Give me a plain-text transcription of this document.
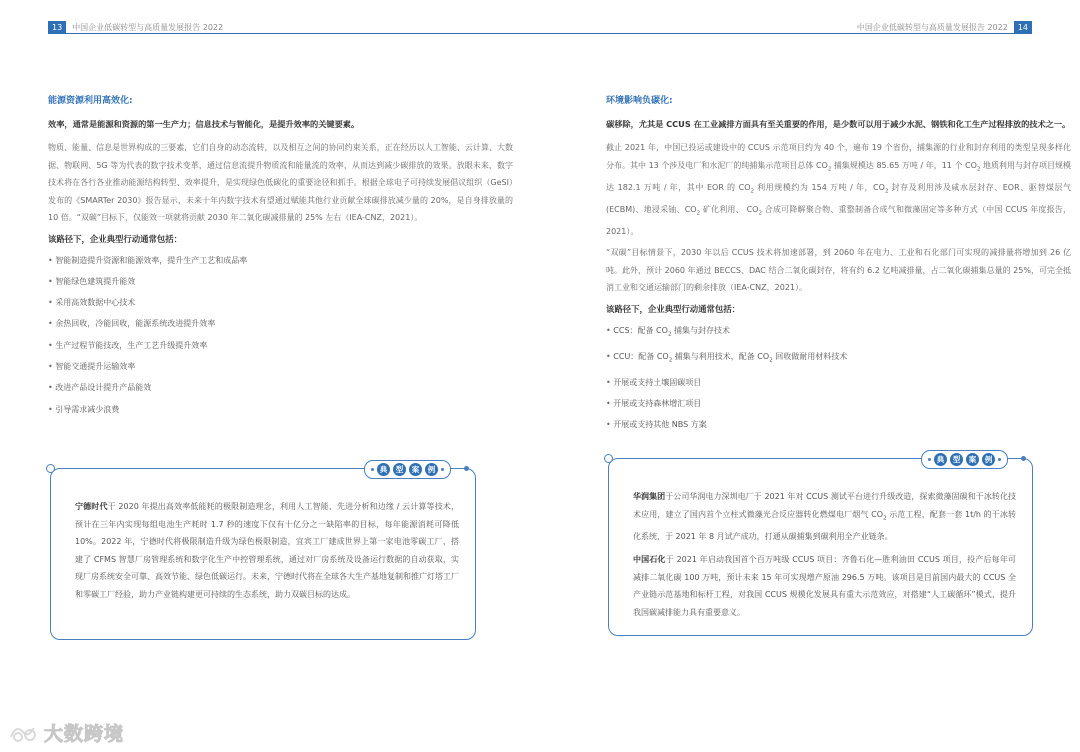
13	中国企业低碳转型与高质量发展报告 2022
能源资源利用高效化:
效率，通常是能源和资源的第一生产力；信息技术与智能化，是提升效率的关键要素。
物质、能量、信息是世界构成的三要素，它们自身的动态流转，以及相互之间的协同约束关系，正在经历以人工智能、云计算、大数据、物联网、5G 等为代表的数字技术变革，通过信息流提升物质流和能量流的效率，从而达到减少碳排放的效果。放眼未来，数字技术将在各行各业推动能源结构转型、效率提升，是实现绿色低碳化的重要途径和抓手。根据全球电子可持续发展倡议组织（GeSI）发布的《SMARTer 2030》报告显示，未来十年内数字技术有望通过赋能其他行业贡献全球碳排放减少量的 20%，是自身排放量的 10 倍。“双碳”目标下，仅能效一项就将贡献 2030 年二氧化碳减排量的 25% 左右（IEA-CNZ，2021）。
该路径下，企业典型行动通常包括：
• 智能制造提升资源和能源效率，提升生产工艺和成品率
• 智能绿色建筑提升能效
• 采用高效数据中心技术
• 余热回收，冷能回收，能源系统改进提升效率
• 生产过程节能技改，生产工艺升级提升效率
• 智能交通提升运输效率
• 改进产品设计提升产品能效
• 引导需求减少浪费
典	型	案	例

宁德时代于 2020 年提出高效率低能耗的极限制造理念，利用人工智能、先进分析和边缘 / 云计算等技术，预计在三年内实现每组电池生产耗时 1.7 秒的速度下仅有十亿分之一缺陷率的目标，每年能源消耗可降低 10%。2022 年，宁德时代将极限制造升级为绿色极限制造，宜宾工厂建成世界上第一家电池零碳工厂，搭建了 CFMS 智慧厂房管理系统和数字化生产中控管理系统，通过对厂房系统及设备运行数据的自动获取，实现厂房系统安全可靠、高效节能、绿色低碳运行。未来，宁德时代将在全球各大生产基地复制和推广灯塔工厂和零碳工厂经验，助力产业链构建更可持续的生态系统，助力双碳目标的达成。

大数跨境
中国企业低碳转型与高质量发展报告 2022	14
环境影响负碳化:
碳移除，尤其是 CCUS 在工业减排方面具有至关重要的作用，是少数可以用于减少水泥、钢铁和化工生产过程排放的技术之一。
截止 2021 年，中国已投运或建设中的 CCUS 示范项目约为 40 个，遍布 19 个省份，捕集源的行业和封存利用的类型呈现多样化分布。其中 13 个涉及电厂和水泥厂的纯捕集示范项目总体 $CO_2$ 捕集规模达 85.65 万吨 / 年，11 个 $CO_2$ 地质利用与封存项目规模达 182.1 万吨 / 年，其中 EOR 的 $CO_2$ 利用规模约为 154 万吨 / 年，$CO_2$ 封存及利用涉及咸水层封存、EOR、驱替煤层气 (ECBM)、地浸采铀、$CO_2$ 矿化利用、 $CO_2$ 合成可降解聚合物、重整制备合成气和微藻固定等多种方式（中国 CCUS 年度报告，2021）。
“双碳”目标情景下，2030 年以后 CCUS 技术将加速部署，到 2060 年在电力、工业和石化部门可实现的减排量将增加到 26 亿吨。此外，预计 2060 年通过 BECCS、DAC 结合二氧化碳封存，将有约 6.2 亿吨减排量，占二氧化碳捕集总量的 25%，可完全抵消工业和交通运输部门的剩余排放（IEA-CNZ，2021）。
该路径下，企业典型行动通常包括：
• CCS：配备 $CO_2$ 捕集与封存技术
• CCU：配备 $CO_2$ 捕集与利用技术，配备 $CO_2$ 回收做耐用材料技术
• 开展或支持土壤固碳项目
• 开展或支持森林增汇项目
• 开展或支持其他 NBS 方案
典	型	案	例

华润集团于公司华润电力深圳电厂于 2021 年对 CCUS 测试平台进行升级改造，探索微藻固碳和干冰转化技术应用，建立了国内首个立柱式微藻光合反应器转化燃煤电厂烟气 $CO_2$ 示范工程，配套一套 1t/h 的干冰转化系统，于 2021 年 8 月试产成功，打通从碳捕集到碳利用全产业链条。

中国石化于 2021 年启动我国首个百万吨级 CCUS 项目：齐鲁石化—胜利油田 CCUS 项目，投产后每年可减排二氧化碳 100 万吨，预计未来 15 年可实现增产原油 296.5 万吨。该项目是目前国内最大的 CCUS 全产业链示范基地和标杆工程，对我国 CCUS 规模化发展具有重大示范效应，对搭建“人工碳循环”模式、提升我国碳减排能力具有重要意义。
